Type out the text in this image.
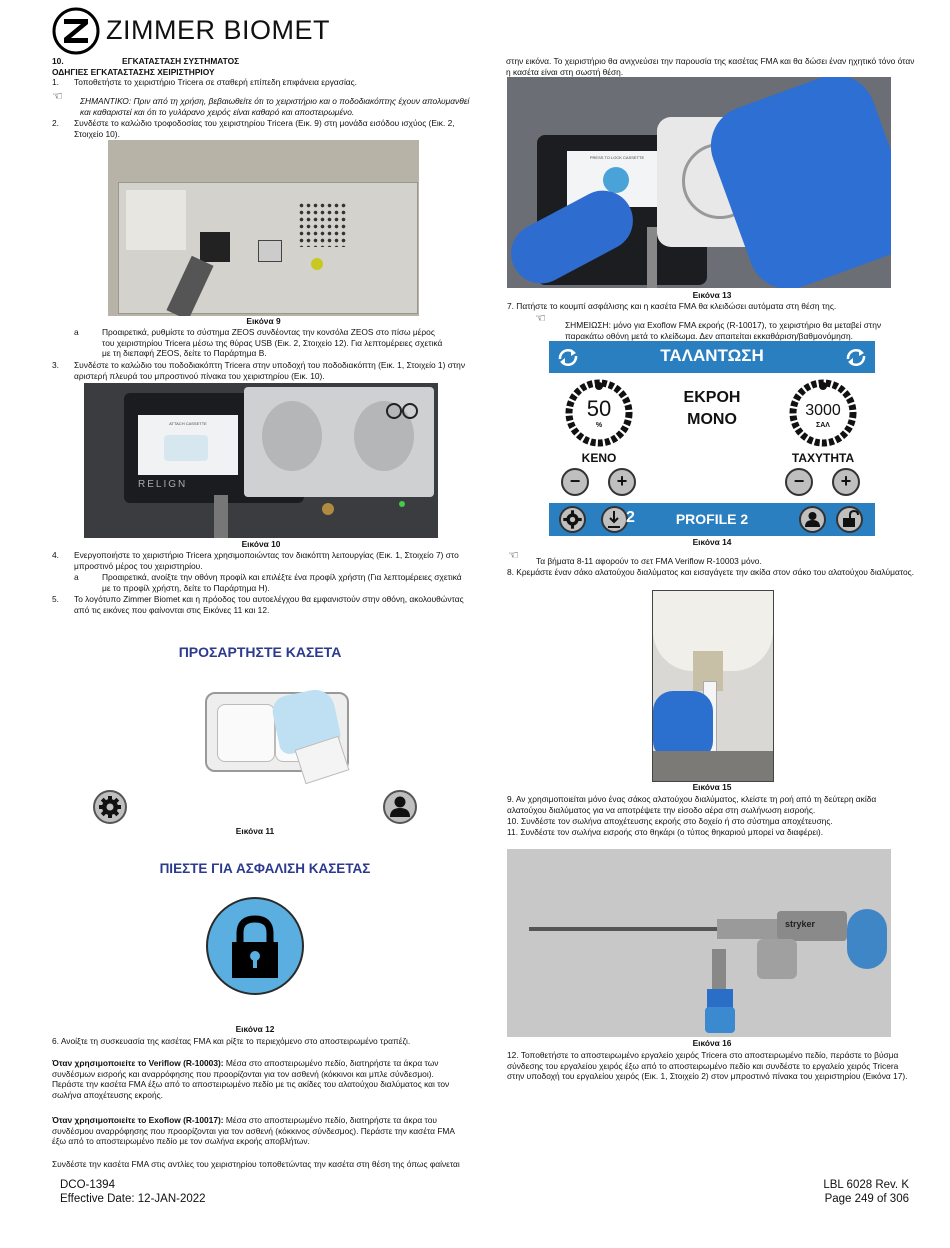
ZIMMER BIOMET
10.	ΕΓΚΑΤΑΣΤΑΣΗ ΣΥΣΤΗΜΑΤΟΣ
ΟΔΗΓΙΕΣ ΕΓΚΑΤΑΣΤΑΣΗΣ ΧΕΙΡΙΣΤΗΡΙΟΥ
1. Τοποθετήστε το χειριστήριο Tricera σε σταθερή επίπεδη επιφάνεια εργασίας.
☜ ΣΗΜΑΝΤΙΚΟ: Πριν από τη χρήση, βεβαιωθείτε ότι το χειριστήριο και ο ποδοδιακόπτης έχουν απολυμανθεί και καθαριστεί και ότι το γυλάρανο χειρός είναι καθαρό και αποστειρωμένο.
2. Συνδέστε το καλώδιο τροφοδοσίας του χειριστηρίου Tricera (Εικ. 9) στη μονάδα εισόδου ισχύος (Εικ. 2, Στοιχείο 10).
Εικόνα 9
a	Προαιρετικά, ρυθμίστε το σύστημα ZEOS συνδέοντας την κονσόλα ZEOS στο πίσω μέρος του χειριστηρίου Tricera μέσω της θύρας USB (Εικ. 2, Στοιχείο 12). Για λεπτομέρειες σχετικά με τη διεπαφή ZEOS, δείτε το Παράρτημα Β.
3. Συνδέστε το καλώδιο του ποδοδιακόπτη Tricera στην υποδοχή του ποδοδιακόπτη (Εικ. 1, Στοιχείο 1) στην αριστερή πλευρά του μπροστινού πίνακα του χειριστηρίου (Εικ. 10).
ATTACH CASSETTE
RELIGN
Εικόνα 10
4. Ενεργοποιήστε το χειριστήριο Tricera χρησιμοποιώντας τον διακόπτη λειτουργίας (Εικ. 1, Στοιχείο 7) στο μπροστινό μέρος του χειριστηρίου.
a	Προαιρετικά, ανοίξτε την οθόνη προφίλ και επιλέξτε ένα προφίλ χρήστη (Για λεπτομέρειες σχετικά με το προφίλ χρήστη, δείτε το Παράρτημα Η).
5. Το λογότυπο Zimmer Biomet και η πρόοδος του αυτοελέγχου θα εμφανιστούν στην οθόνη, ακολουθώντας από τις εικόνες που φαίνονται στις Εικόνες 11 και 12.
ΠΡΟΣΑΡΤΗΣΤΕ ΚΑΣΕΤΑ
Εικόνα 11
ΠΙΕΣΤΕ ΓΙΑ ΑΣΦΑΛΙΣΗ ΚΑΣΕΤΑΣ
Εικόνα 12
6. Ανοίξτε τη συσκευασία της κασέτας FMA και ρίξτε το περιεχόμενο στο αποστειρωμένο τραπέζι.
Όταν χρησιμοποιείτε το Veriflow (R-10003): Μέσα στο αποστειρωμένο πεδίο, διατηρήστε τα άκρα των συνδέσμων εισροής και αναρρόφησης που προορίζονται για τον ασθενή (κόκκινοι και μπλε σύνδεσμοι). Περάστε την κασέτα FMA έξω από το αποστειρωμένο πεδίο με τις ακίδες του αλατούχου διαλύματος και τον σωλήνα αποχέτευσης εκροής.
Όταν χρησιμοποιείτε το Exoflow (R-10017): Μέσα στο αποστειρωμένο πεδίο, διατηρήστε τα άκρα του συνδέσμου αναρρόφησης που προορίζονται για τον ασθενή (κόκκινος σύνδεσμος). Περάστε την κασέτα FMA έξω από το αποστειρωμένο πεδίο με τον σωλήνα εκροής αποβλήτων.
Συνδέστε την κασέτα FMA στις αντλίες του χειριστηρίου τοποθετώντας την κασέτα στη θέση της όπως φαίνεται
στην εικόνα. Το χειριστήριο θα ανιχνεύσει την παρουσία της κασέτας FMA και θα δώσει έναν ηχητικό τόνο όταν η κασέτα είναι στη σωστή θέση.
PRESS TO LOCK CASSETTE
Εικόνα 13
7. Πατήστε το κουμπί ασφάλισης και η κασέτα FMA θα κλειδώσει αυτόματα στη θέση της.
☜ ΣΗΜΕΙΩΣΗ: μόνο για Exoflow FMA εκροής (R-10017), το χειριστήριο θα μεταβεί στην παρακάτω οθόνη μετά το κλείδωμα. Δεν απαιτείται εκκαθάριση/βαθμονόμηση.
ΤΑΛΑΝΤΩΣΗ
50
%
ΚΕΝΟ
−	+
ΕΚΡΟΗ
ΜΟΝΟ
3000
ΣΑΛ
ΤΑΧΥΤΗΤΑ
−	+
2	PROFILE 2
Εικόνα 14
☜ Τα βήματα 8-11 αφορούν το σετ FMA Veriflow R-10003 μόνο.
8. Κρεμάστε έναν σάκο αλατούχου διαλύματος και εισαγάγετε την ακίδα στον σάκο του αλατούχου διαλύματος.
Εικόνα 15
9. Αν χρησιμοποιείται μόνο ένας σάκος αλατούχου διαλύματος, κλείστε τη ροή από τη δεύτερη ακίδα αλατούχου διαλύματος για να αποτρέψετε την είσοδο αέρα στη σωλήνωση εισροής.
10. Συνδέστε τον σωλήνα αποχέτευσης εκροής στο δοχείο ή στο σύστημα αποχέτευσης.
11. Συνδέστε τον σωλήνα εισροής στο θηκάρι (ο τύπος θηκαριού μπορεί να διαφέρει).
stryker
Εικόνα 16
12. Τοποθετήστε το αποστειρωμένο εργαλείο χειρός Tricera στο αποστειρωμένο πεδίο, περάστε το βύσμα σύνδεσης του εργαλείου χειρός έξω από το αποστειρωμένο πεδίο και συνδέστε το εργαλείο χειρός Tricera στην υποδοχή του εργαλείου χειρός (Εικ. 1, Στοιχείο 2) στον μπροστινό πίνακα του χειριστηρίου (Εικόνα 17).
DCO-1394
Effective Date: 12-JAN-2022
LBL 6028 Rev. K
Page 249 of 306
